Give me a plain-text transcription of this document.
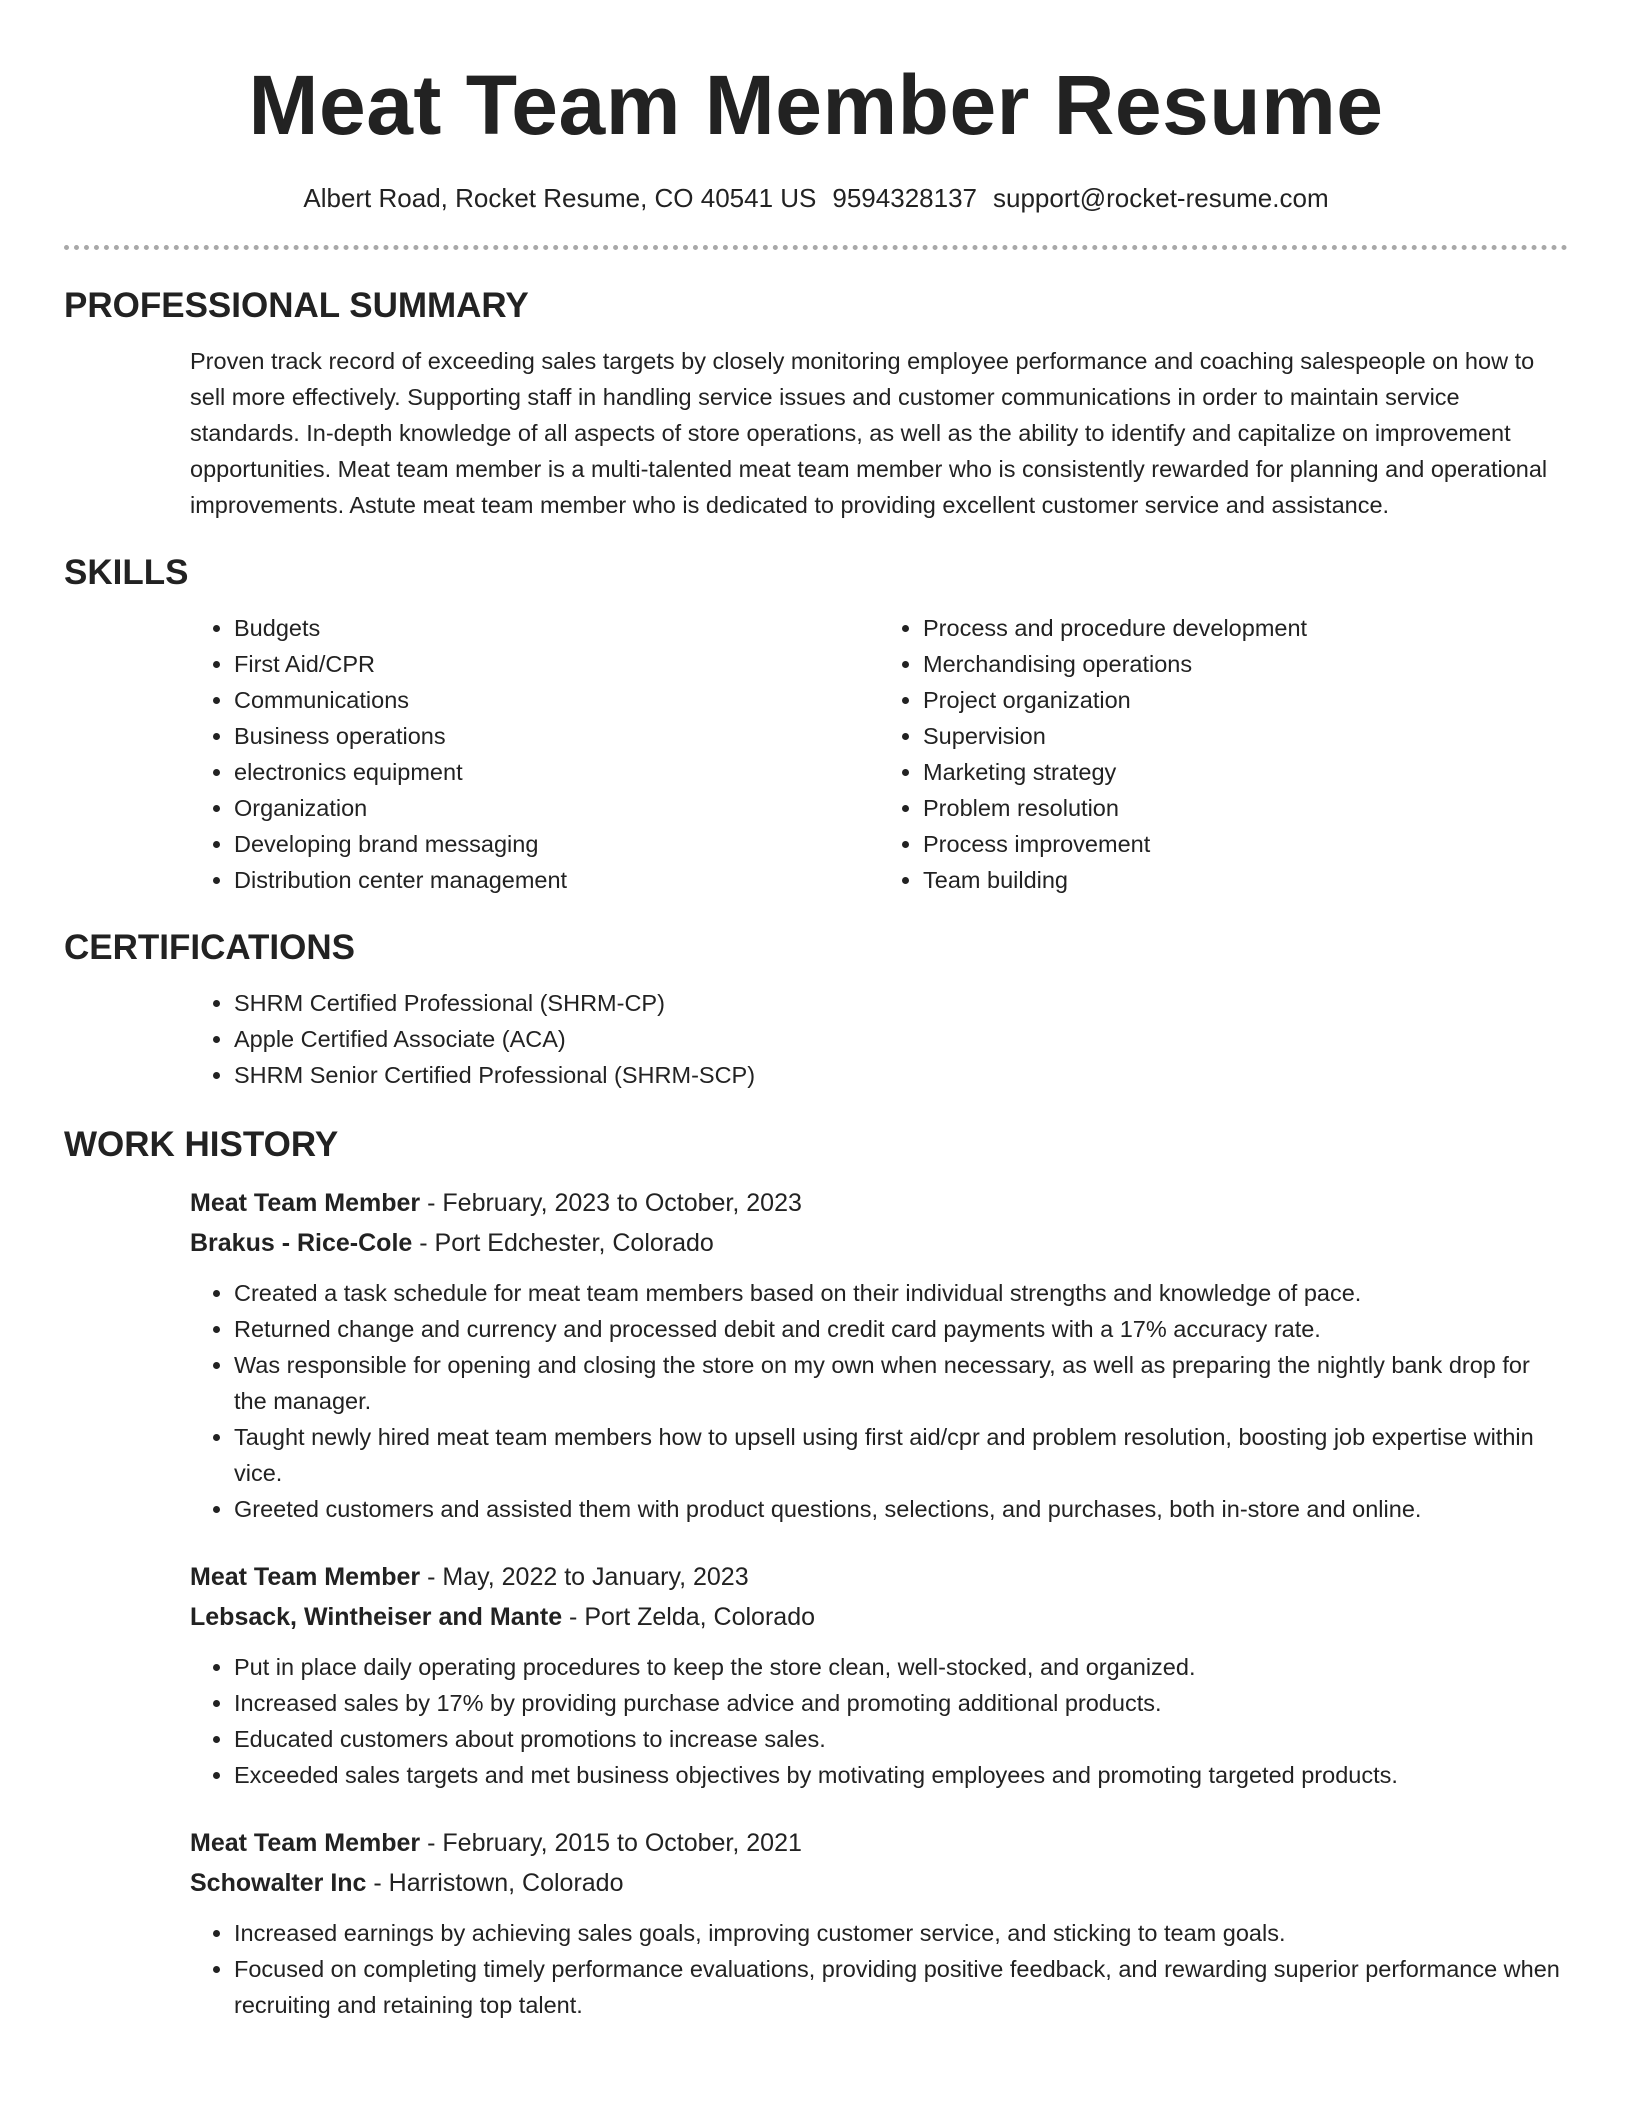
Meat Team Member Resume
Albert Road, Rocket Resume, CO 40541 US 9594328137 support@rocket-resume.com
PROFESSIONAL SUMMARY

Proven track record of exceeding sales targets by closely monitoring employee performance and coaching salespeople on how to sell more effectively. Supporting staff in handling service issues and customer communications in order to maintain service standards. In-depth knowledge of all aspects of store operations, as well as the ability to identify and capitalize on improvement opportunities. Meat team member is a multi-talented meat team member who is consistently rewarded for planning and operational improvements. Astute meat team member who is dedicated to providing excellent customer service and assistance.

SKILLS
• Budgets
• First Aid/CPR
• Communications
• Business operations
• electronics equipment
• Organization
• Developing brand messaging
• Distribution center management
• Process and procedure development
• Merchandising operations
• Project organization
• Supervision
• Marketing strategy
• Problem resolution
• Process improvement
• Team building
CERTIFICATIONS
• SHRM Certified Professional (SHRM-CP)
• Apple Certified Associate (ACA)
• SHRM Senior Certified Professional (SHRM-SCP)
WORK HISTORY
Meat Team Member - February, 2023 to October, 2023
Brakus - Rice-Cole - Port Edchester, Colorado
• Created a task schedule for meat team members based on their individual strengths and knowledge of pace.
• Returned change and currency and processed debit and credit card payments with a 17% accuracy rate.
• Was responsible for opening and closing the store on my own when necessary, as well as preparing the nightly bank drop for the manager.
• Taught newly hired meat team members how to upsell using first aid/cpr and problem resolution, boosting job expertise within vice.
• Greeted customers and assisted them with product questions, selections, and purchases, both in-store and online.
Meat Team Member - May, 2022 to January, 2023
Lebsack, Wintheiser and Mante - Port Zelda, Colorado
• Put in place daily operating procedures to keep the store clean, well-stocked, and organized.
• Increased sales by 17% by providing purchase advice and promoting additional products.
• Educated customers about promotions to increase sales.
• Exceeded sales targets and met business objectives by motivating employees and promoting targeted products.
Meat Team Member - February, 2015 to October, 2021
Schowalter Inc - Harristown, Colorado
• Increased earnings by achieving sales goals, improving customer service, and sticking to team goals.
• Focused on completing timely performance evaluations, providing positive feedback, and rewarding superior performance when recruiting and retaining top talent.
